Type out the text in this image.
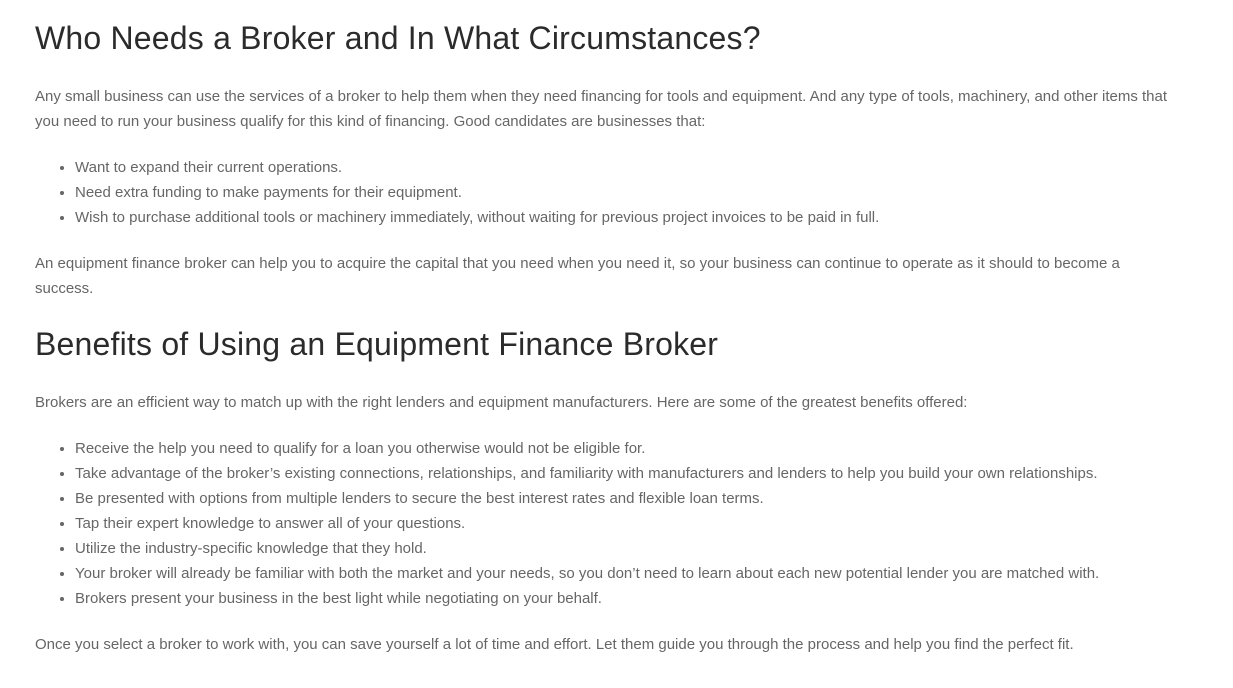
Who Needs a Broker and In What Circumstances?

Any small business can use the services of a broker to help them when they need financing for tools and equipment. And any type of tools, machinery, and other items that you need to run your business qualify for this kind of financing. Good candidates are businesses that:

• Want to expand their current operations.
• Need extra funding to make payments for their equipment.
• Wish to purchase additional tools or machinery immediately, without waiting for previous project invoices to be paid in full.

An equipment finance broker can help you to acquire the capital that you need when you need it, so your business can continue to operate as it should to become a success.

Benefits of Using an Equipment Finance Broker

Brokers are an efficient way to match up with the right lenders and equipment manufacturers. Here are some of the greatest benefits offered:

• Receive the help you need to qualify for a loan you otherwise would not be eligible for.
• Take advantage of the broker’s existing connections, relationships, and familiarity with manufacturers and lenders to help you build your own relationships.
• Be presented with options from multiple lenders to secure the best interest rates and flexible loan terms.
• Tap their expert knowledge to answer all of your questions.
• Utilize the industry-specific knowledge that they hold.
• Your broker will already be familiar with both the market and your needs, so you don’t need to learn about each new potential lender you are matched with.
• Brokers present your business in the best light while negotiating on your behalf.

Once you select a broker to work with, you can save yourself a lot of time and effort. Let them guide you through the process and help you find the perfect fit.
